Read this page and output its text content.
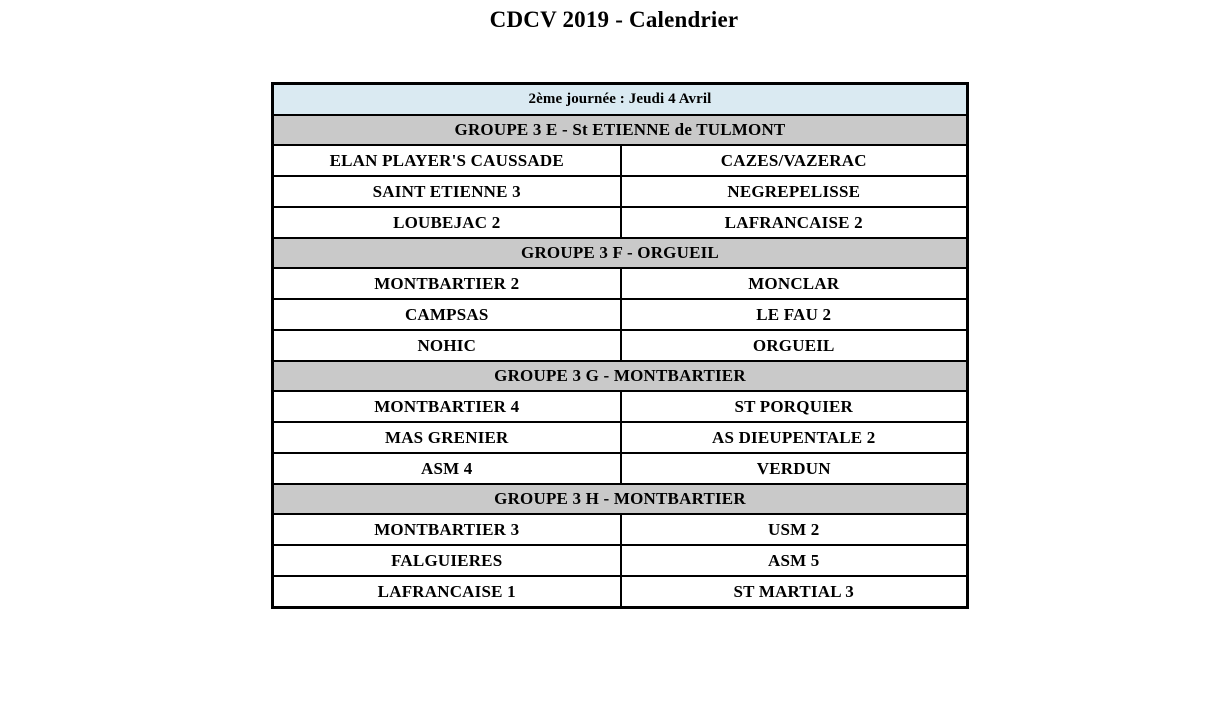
CDCV 2019 - Calendrier
2ème journée : Jeudi 4 Avril	
GROUPE 3 E - St ETIENNE de TULMONT	
ELAN PLAYER'S CAUSSADE	CAZES/VAZERAC
SAINT ETIENNE 3	NEGREPELISSE
LOUBEJAC 2	LAFRANCAISE 2
GROUPE 3 F - ORGUEIL	
MONTBARTIER 2	MONCLAR
CAMPSAS	LE FAU 2
NOHIC	ORGUEIL
GROUPE 3 G - MONTBARTIER	
MONTBARTIER 4	ST PORQUIER
MAS GRENIER	AS DIEUPENTALE 2
ASM 4	VERDUN
GROUPE 3 H - MONTBARTIER	
MONTBARTIER 3	USM 2
FALGUIERES	ASM 5
LAFRANCAISE 1	ST MARTIAL 3
